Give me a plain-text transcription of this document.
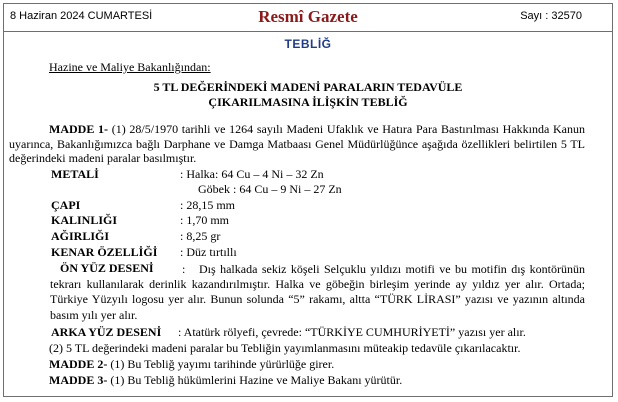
8 Haziran 2024 CUMARTESİ	Resmî Gazete	Sayı : 32570
TEBLİĞ
Hazine ve Maliye Bakanlığından:
5 TL DEĞERİNDEKİ MADENİ PARALARIN TEDAVÜLE
ÇIKARILMASINA İLİŞKİN TEBLİĞ
MADDE 1- (1) 28/5/1970 tarihli ve 1264 sayılı Madeni Ufaklık ve Hatıra Para Bastırılması Hakkında Kanun uyarınca, Bakanlığımızca bağlı Darphane ve Damga Matbaası Genel Müdürlüğünce aşağıda özellikleri belirtilen 5 TL değerindeki madeni paralar basılmıştır.
METALİ	: Halka: 64 Cu – 4 Ni – 32 Zn
Göbek : 64 Cu – 9 Ni – 27 Zn
ÇAPI	: 28,15 mm
KALINLIĞI	: 1,70 mm
AĞIRLIĞI	: 8,25 gr
KENAR ÖZELLİĞİ : Düz tırtıllı
ÖN YÜZ DESENİ :	Dış halkada sekiz köşeli Selçuklu yıldızı motifi ve bu motifin dış kontörünün tekrarı kullanılarak derinlik kazandırılmıştır. Halka ve göbeğin birleşim yerinde ay yıldız yer alır. Ortada; Türkiye Yüzyılı logosu yer alır. Bunun solunda “5” rakamı, altta “TÜRK LİRASI” yazısı ve yazının altında basım yılı yer alır.
ARKA YÜZ DESENİ : Atatürk rölyefi, çevrede: “TÜRKİYE CUMHURİYETİ” yazısı yer alır.
(2) 5 TL değerindeki madeni paralar bu Tebliğin yayımlanmasını müteakip tedavüle çıkarılacaktır.
MADDE 2- (1) Bu Tebliğ yayımı tarihinde yürürlüğe girer.
MADDE 3- (1) Bu Tebliğ hükümlerini Hazine ve Maliye Bakanı yürütür.
